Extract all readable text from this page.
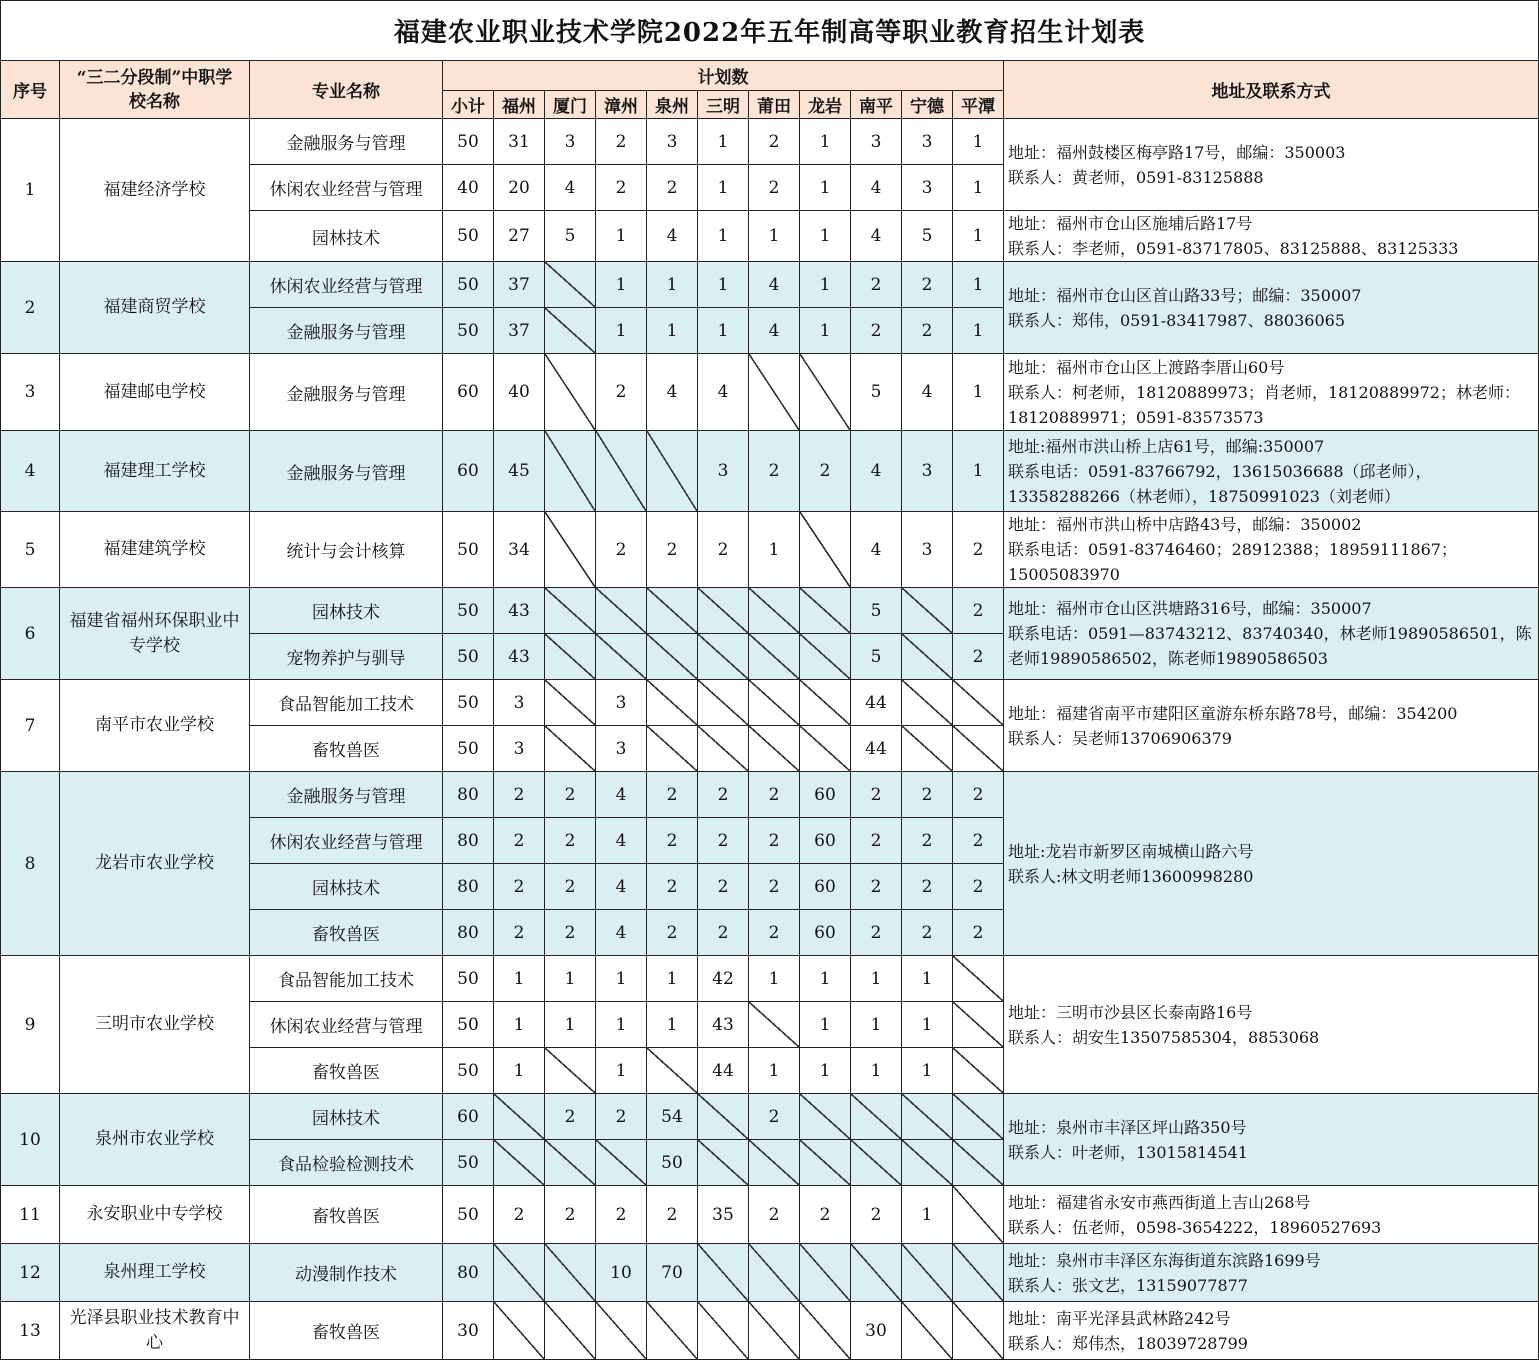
福建农业职业技术学院2022年五年制高等职业教育招生计划表														
序号	“三二分段制”中职学校名称	专业名称	计划数											地址及联系方式
			小计	福州	厦门	漳州	泉州	三明	莆田	龙岩	南平	宁德	平潭	
1	福建经济学校	金融服务与管理	50	31	3	2	3	1	2	1	3	3	1	地址：福州鼓楼区梅亭路17号，邮编：350003
联系人：黄老师，0591-83125888

		休闲农业经营与管理	40	20	4	2	2	1	2	1	4	3	1	
		园林技术	50	27	5	1	4	1	1	1	4	5	1	地址：福州市仓山区施埔后路17号
联系人：李老师，0591-83717805、83125888、83125333

2	福建商贸学校	休闲农业经营与管理	50	37		1	1	1	4	1	2	2	1	地址：福州市仓山区首山路33号；邮编：350007
联系人：郑伟，0591-83417987、88036065

		金融服务与管理	50	37		1	1	1	4	1	2	2	1	
3	福建邮电学校	金融服务与管理	60	40		2	4	4			5	4	1	地址：福州市仓山区上渡路李厝山60号
联系人：柯老师，18120889973；肖老师，18120889972；林老师：18120889971；0591-83573573

4	福建理工学校	金融服务与管理	60	45				3	2	2	4	3	1	地址:福州市洪山桥上店61号，邮编:350007
联系电话：0591-83766792，13615036688（邱老师），13358288266（林老师），18750991023（刘老师）

5	福建建筑学校	统计与会计核算	50	34		2	2	2	1		4	3	2	地址：福州市洪山桥中店路43号，邮编：350002
联系电话：0591-83746460；28912388；18959111867；15005083970

6	福建省福州环保职业中专学校	园林技术	50	43							5		2	地址：福州市仓山区洪塘路316号，邮编：350007
联系电话：0591—83743212、83740340，林老师19890586501，陈老师19890586502，陈老师19890586503

		宠物养护与驯导	50	43							5		2	
7	南平市农业学校	食品智能加工技术	50	3		3					44			地址：福建省南平市建阳区童游东桥东路78号，邮编：354200
联系人：吴老师13706906379

		畜牧兽医	50	3		3					44			
8	龙岩市农业学校	金融服务与管理	80	2	2	4	2	2	2	60	2	2	2	地址:龙岩市新罗区南城横山路六号
联系人:林文明老师13600998280

		休闲农业经营与管理	80	2	2	4	2	2	2	60	2	2	2	
		园林技术	80	2	2	4	2	2	2	60	2	2	2	
		畜牧兽医	80	2	2	4	2	2	2	60	2	2	2	
9	三明市农业学校	食品智能加工技术	50	1	1	1	1	42	1	1	1	1		地址：三明市沙县区长泰南路16号
联系人：胡安生13507585304，8853068

		休闲农业经营与管理	50	1	1	1	1	43		1	1	1		
		畜牧兽医	50	1		1		44	1	1	1	1		
10	泉州市农业学校	园林技术	60		2	2	54		2					地址：泉州市丰泽区坪山路350号
联系人：叶老师，13015814541

		食品检验检测技术	50				50							
11	永安职业中专学校	畜牧兽医	50	2	2	2	2	35	2	2	2	1		地址：福建省永安市燕西街道上吉山268号
联系人：伍老师，0598-3654222，18960527693

12	泉州理工学校	动漫制作技术	80			10	70							地址：泉州市丰泽区东海街道东滨路1699号
联系人：张文艺，13159077877

13	光泽县职业技术教育中心	畜牧兽医	30								30			地址：南平光泽县武林路242号
联系人：郑伟杰，18039728799
